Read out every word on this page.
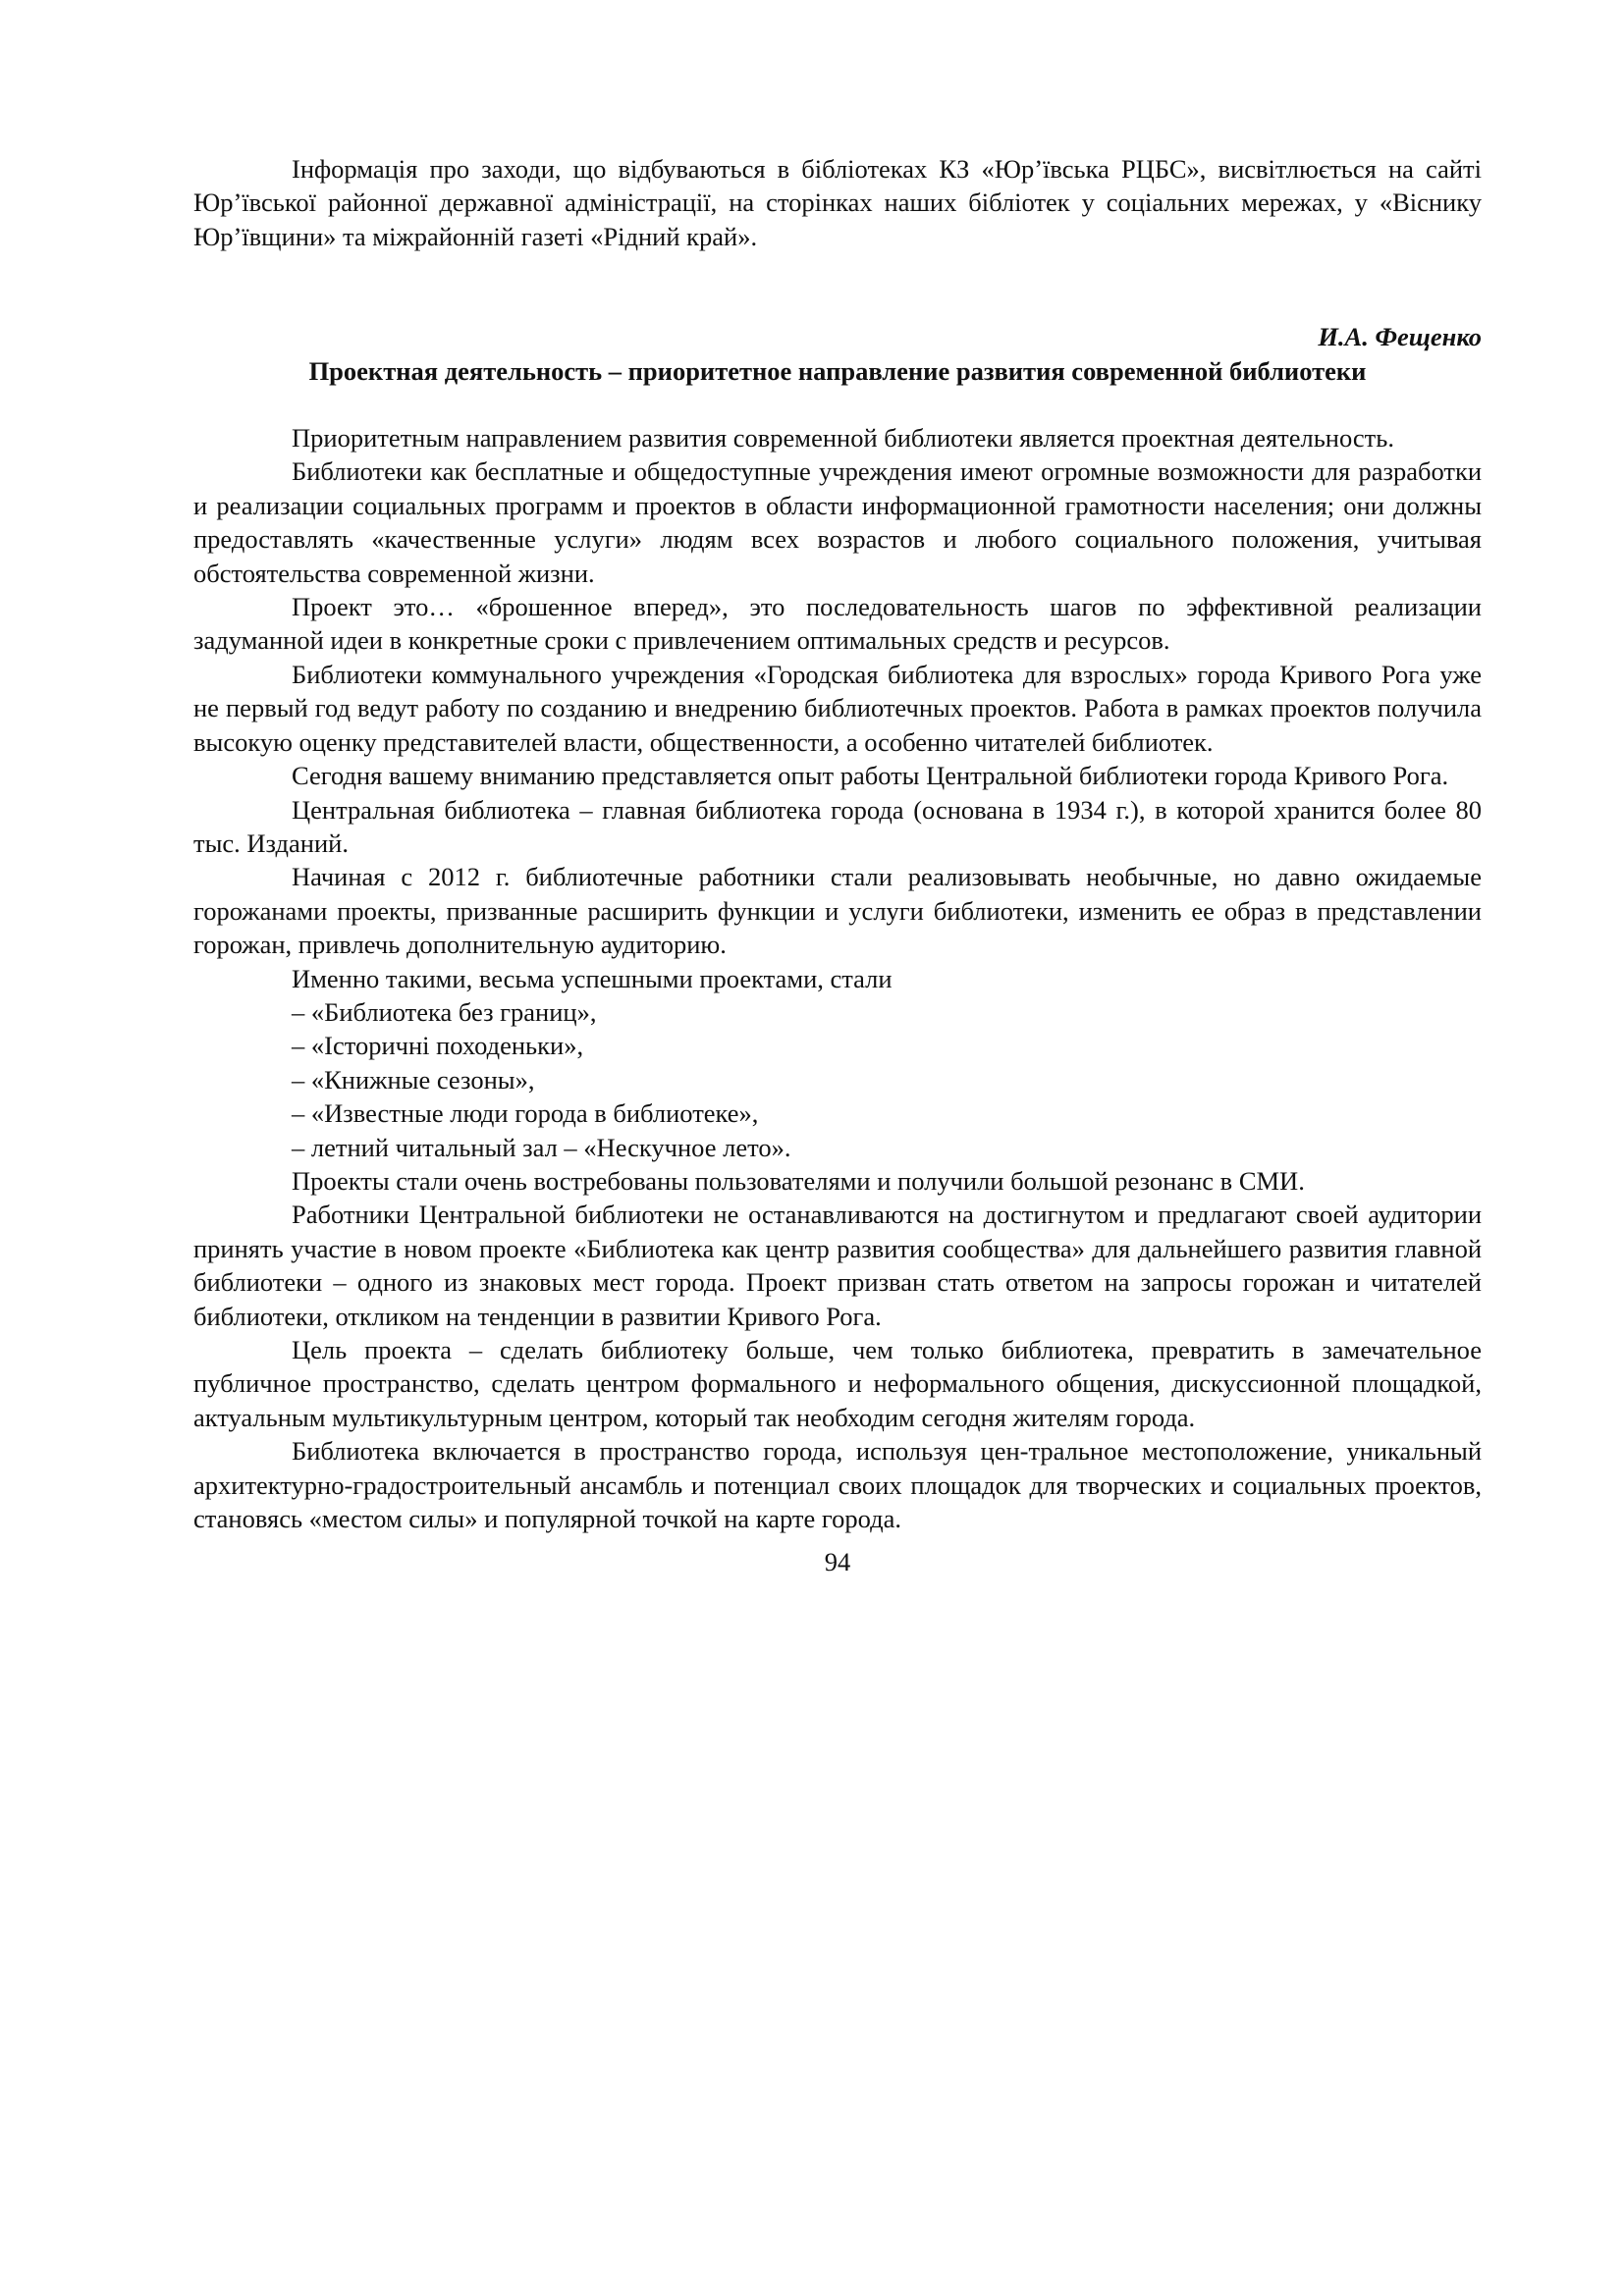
Інформація про заходи, що відбуваються в бібліотеках КЗ «Юр’ївська РЦБС», висвітлюється на сайті Юр’ївської районної державної адміністрації, на сторінках наших бібліотек у соціальних мережах, у «Віснику Юр’ївщини» та міжрайонній газеті «Рідний край».

И.А. Фещенко

Проектная деятельность – приоритетное направление развития современной библиотеки

Приоритетным направлением развития современной библиотеки является проектная деятельность.

Библиотеки как бесплатные и общедоступные учреждения имеют огромные возможности для разработки и реализации социальных программ и проектов в области информационной грамотности населения; они должны предоставлять «качественные услуги» людям всех возрастов и любого социального положения, учитывая обстоятельства современной жизни.

Проект это… «брошенное вперед», это последовательность шагов по эффективной реализации задуманной идеи в конкретные сроки с привлечением оптимальных средств и ресурсов.

Библиотеки коммунального учреждения «Городская библиотека для взрослых» города Кривого Рога уже не первый год ведут работу по созданию и внедрению библиотечных проектов. Работа в рамках проектов получила высокую оценку представителей власти, общественности, а особенно читателей библиотек.

Сегодня вашему вниманию представляется опыт работы Центральной библиотеки города Кривого Рога.

Центральная библиотека – главная библиотека города (основана в 1934 г.), в которой хранится более 80 тыс. Изданий.

Начиная с 2012 г. библиотечные работники стали реализовывать необычные, но давно ожидаемые горожанами проекты, призванные расширить функции и услуги библиотеки, изменить ее образ в представлении горожан, привлечь дополнительную аудиторию.

Именно такими, весьма успешными проектами, стали

– «Библиотека без границ»,

– «Історичні походеньки»,

– «Книжные сезоны»,

– «Известные люди города в библиотеке»,

– летний читальный зал – «Нескучное лето».

Проекты стали очень востребованы пользователями и получили большой резонанс в СМИ.

Работники Центральной библиотеки не останавливаются на достигнутом и предлагают своей аудитории принять участие в новом проекте «Библиотека как центр развития сообщества» для дальнейшего развития главной библиотеки – одного из знаковых мест города. Проект призван стать ответом на запросы горожан и читателей библиотеки, откликом на тенденции в развитии Кривого Рога.

Цель проекта – сделать библиотеку больше, чем только библиотека, превратить в замечательное публичное пространство, сделать центром формального и неформального общения, дискуссионной площадкой, актуальным мультикультурным центром, который так необходим сегодня жителям города.

Библиотека включается в пространство города, используя цен-тральное местоположение, уникальный архитектурно-градостроительный ансамбль и потенциал своих площадок для творческих и социальных проектов, становясь «местом силы» и популярной точкой на карте города.

94
